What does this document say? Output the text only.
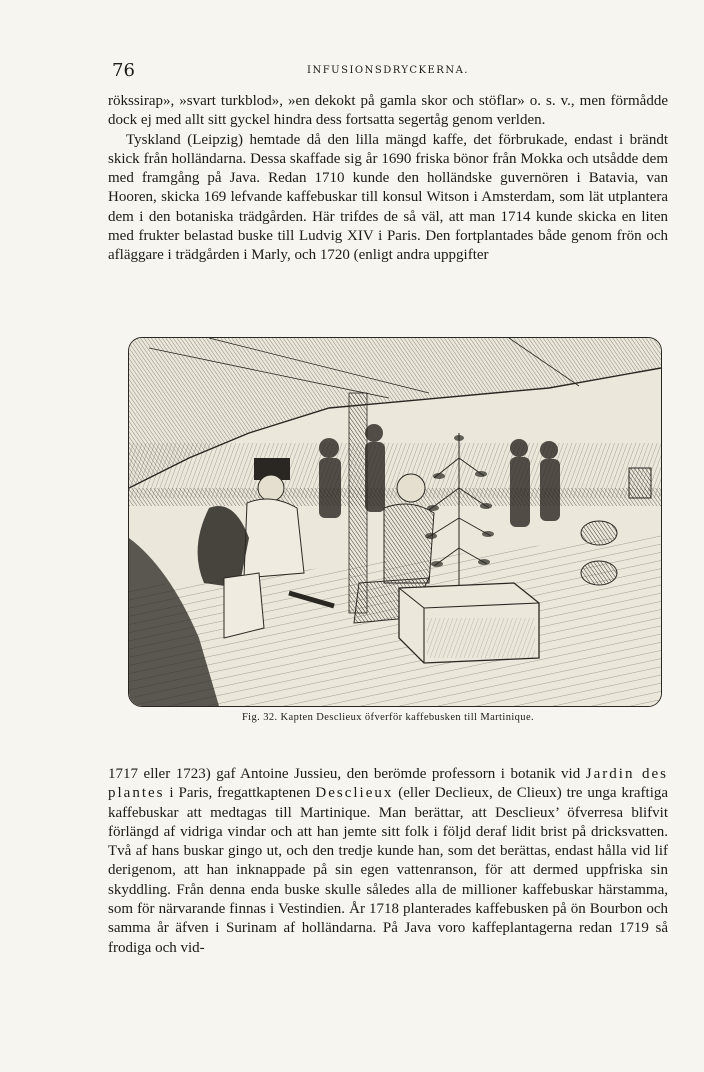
76	INFUSIONSDRYCKERNA.
rökssirap», »svart turkblod», »en dekokt på gamla skor och stöflar» o. s. v., men förmådde dock ej med allt sitt gyckel hindra dess fortsatta segertåg genom verlden.
Tyskland (Leipzig) hemtade då den lilla mängd kaffe, det förbrukade, endast i brändt skick från holländarna. Dessa skaffade sig år 1690 friska bönor från Mokka och utsådde dem med framgång på Java. Redan 1710 kunde den holländske guvernören i Batavia, van Hooren, skicka 169 lefvande kaffebuskar till konsul Witson i Amsterdam, som lät utplantera dem i den botaniska trädgården. Här trifdes de så väl, att man 1714 kunde skicka en liten med frukter belastad buske till Ludvig XIV i Paris. Den fortplantades både genom frön och afläggare i trädgården i Marly, och 1720 (enligt andra uppgifter
Fig. 32. Kapten Desclieux öfverför kaffebusken till Martinique.
1717 eller 1723) gaf Antoine Jussieu, den berömde professorn i botanik vid Jardin des plantes i Paris, fregattkaptenen Desclieux (eller Declieux, de Clieux) tre unga kraftiga kaffebuskar att medtagas till Martinique. Man berättar, att Desclieux’ öfverresa blifvit förlängd af vidriga vindar och att han jemte sitt folk i följd deraf lidit brist på dricksvatten. Två af hans buskar gingo ut, och den tredje kunde han, som det berättas, endast hålla vid lif derigenom, att han inknappade på sin egen vattenranson, för att dermed uppfriska sin skyddling. Från denna enda buske skulle således alla de millioner kaffebuskar härstamma, som för närvarande finnas i Vestindien. År 1718 planterades kaffebusken på ön Bourbon och samma år äfven i Surinam af holländarna. På Java voro kaffeplantagerna redan 1719 så frodiga och vid-
